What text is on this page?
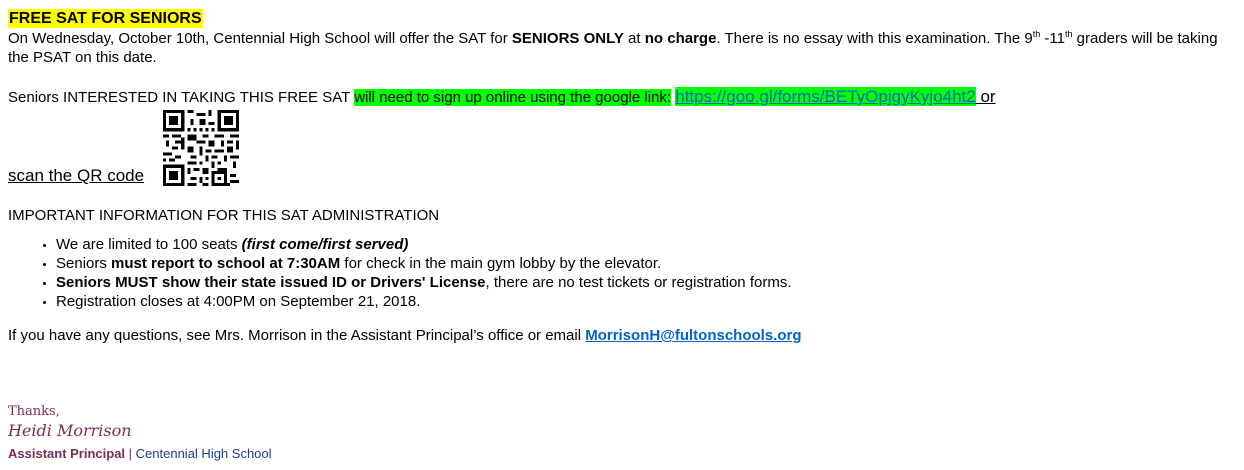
FREE SAT FOR SENIORS

On Wednesday, October 10th, Centennial High School will offer the SAT for SENIORS ONLY at no charge. There is no essay with this examination. The 9th -11th graders will be taking the PSAT on this date.

Seniors INTERESTED IN TAKING THIS FREE SAT will need to sign up online using the google link: https://goo.gl/forms/BETyOpjgyKyjo4ht2 or

scan the QR code

IMPORTANT INFORMATION FOR THIS SAT ADMINISTRATION

• We are limited to 100 seats (first come/first served)
• Seniors must report to school at 7:30AM for check in the main gym lobby by the elevator.
• Seniors MUST show their state issued ID or Drivers' License, there are no test tickets or registration forms.
• Registration closes at 4:00PM on September 21, 2018.

If you have any questions, see Mrs. Morrison in the Assistant Principal’s office or email MorrisonH@fultonschools.org

Thanks,
Heidi Morrison
Assistant Principal | Centennial High School
